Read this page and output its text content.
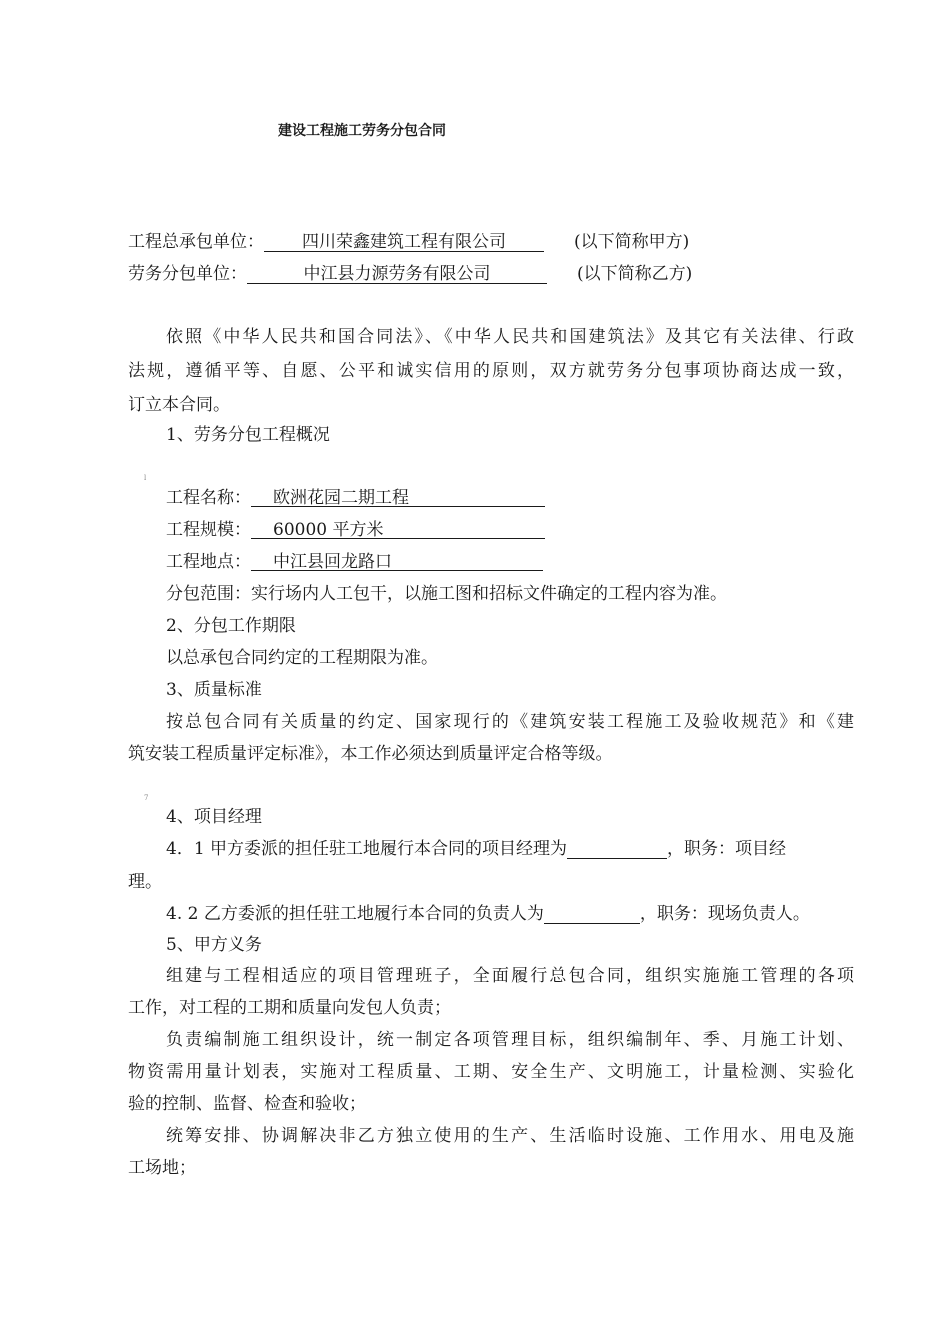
建设工程施工劳务分包合同
工程总承包单位： 四川荣鑫建筑工程有限公司	(以下简称甲方)
劳务分包单位：	中江县力源劳务有限公司	(以下简称乙方)
依照《中华人民共和国合同法》、《中华人民共和国建筑法》及其它有关法律、行政
法规，遵循平等、自愿、公平和诚实信用的原则，双方就劳务分包事项协商达成一致，
订立本合同。
1、劳务分包工程概况
l
工程名称： 欧洲花园二期工程
工程规模： 60000 平方米
工程地点： 中江县回龙路口
分包范围：实行场内人工包干，以施工图和招标文件确定的工程内容为准。
2、分包工作期限
以总承包合同约定的工程期限为准。
3、质量标准
按总包合同有关质量的约定、国家现行的《建筑安装工程施工及验收规范》和《建
筑安装工程质量评定标准》，本工作必须达到质量评定合格等级。
7
4、项目经理
4．1 甲方委派的担任驻工地履行本合同的项目经理为	，职务：项目经
理。
4. 2 乙方委派的担任驻工地履行本合同的负责人为	，职务：现场负责人。
5、甲方义务
组建与工程相适应的项目管理班子，全面履行总包合同，组织实施施工管理的各项
工作，对工程的工期和质量向发包人负责；
负责编制施工组织设计，统一制定各项管理目标，组织编制年、季、月施工计划、
物资需用量计划表，实施对工程质量、工期、安全生产、文明施工，计量检测、实验化
验的控制、监督、检查和验收；
统筹安排、协调解决非乙方独立使用的生产、生活临时设施、工作用水、用电及施
工场地；
